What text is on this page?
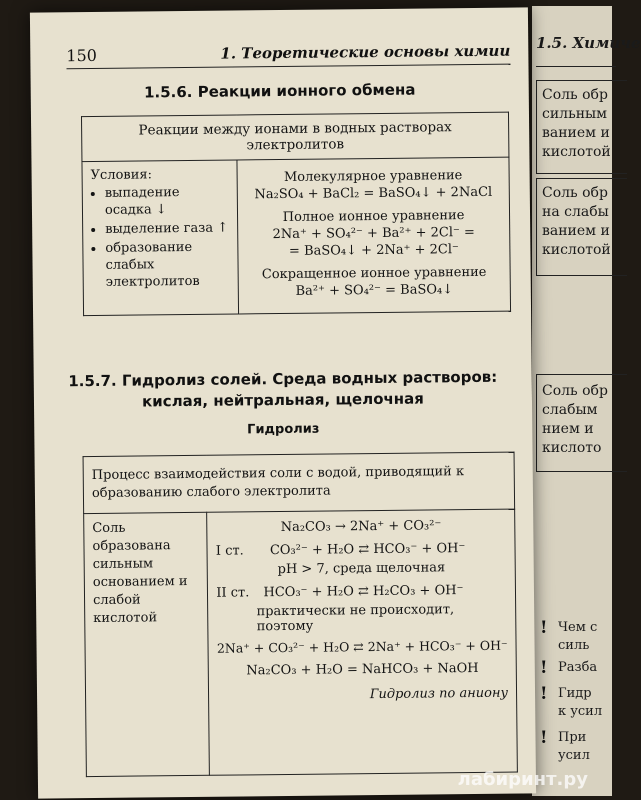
1.5. Химиче
Соль обр
сильным
ванием и
кислотой
Соль обр
на слабы
ванием и
кислотой
Соль обр
слабым
нием и
кислото
! Чем с
силь
! Разба
! Гидр
к усил
! При
усил
150	1. Теоретические основы химии
1.5.6. Реакции ионного обмена
Реакции между ионами в водных растворах электролитов

Условия:
• выпадение осадка ↓
• выделение газа ↑
• образование слабых электролитов

Молекулярное уравнение
Na₂SO₄ + BaCl₂ = BaSO₄↓ + 2NaCl
Полное ионное уравнение
2Na⁺ + SO₄²⁻ + Ba²⁺ + 2Cl⁻ =
= BaSO₄↓ + 2Na⁺ + 2Cl⁻
Сокращенное ионное уравнение
Ba²⁺ + SO₄²⁻ = BaSO₄↓
1.5.7. Гидролиз солей. Среда водных растворов:
кислая, нейтральная, щелочная
Гидролиз
Процесс взаимодействия соли с водой, приводящий к образованию слабого электролита
Соль образована сильным основанием и слабой кислотой	
Na₂CO₃ → 2Na⁺ + CO₃²⁻
I ст. CO₃²⁻ + H₂O ⇄ HCO₃⁻ + OH⁻
pH > 7, среда щелочная
II ст. HCO₃⁻ + H₂O ⇄ H₂CO₃ + OH⁻
практически не происходит,
поэтому
2Na⁺ + CO₃²⁻ + H₂O ⇄ 2Na⁺ + HCO₃⁻ + OH⁻
Na₂CO₃ + H₂O = NaHCO₃ + NaOH
Гидролиз по аниону
лабиринт.ру
